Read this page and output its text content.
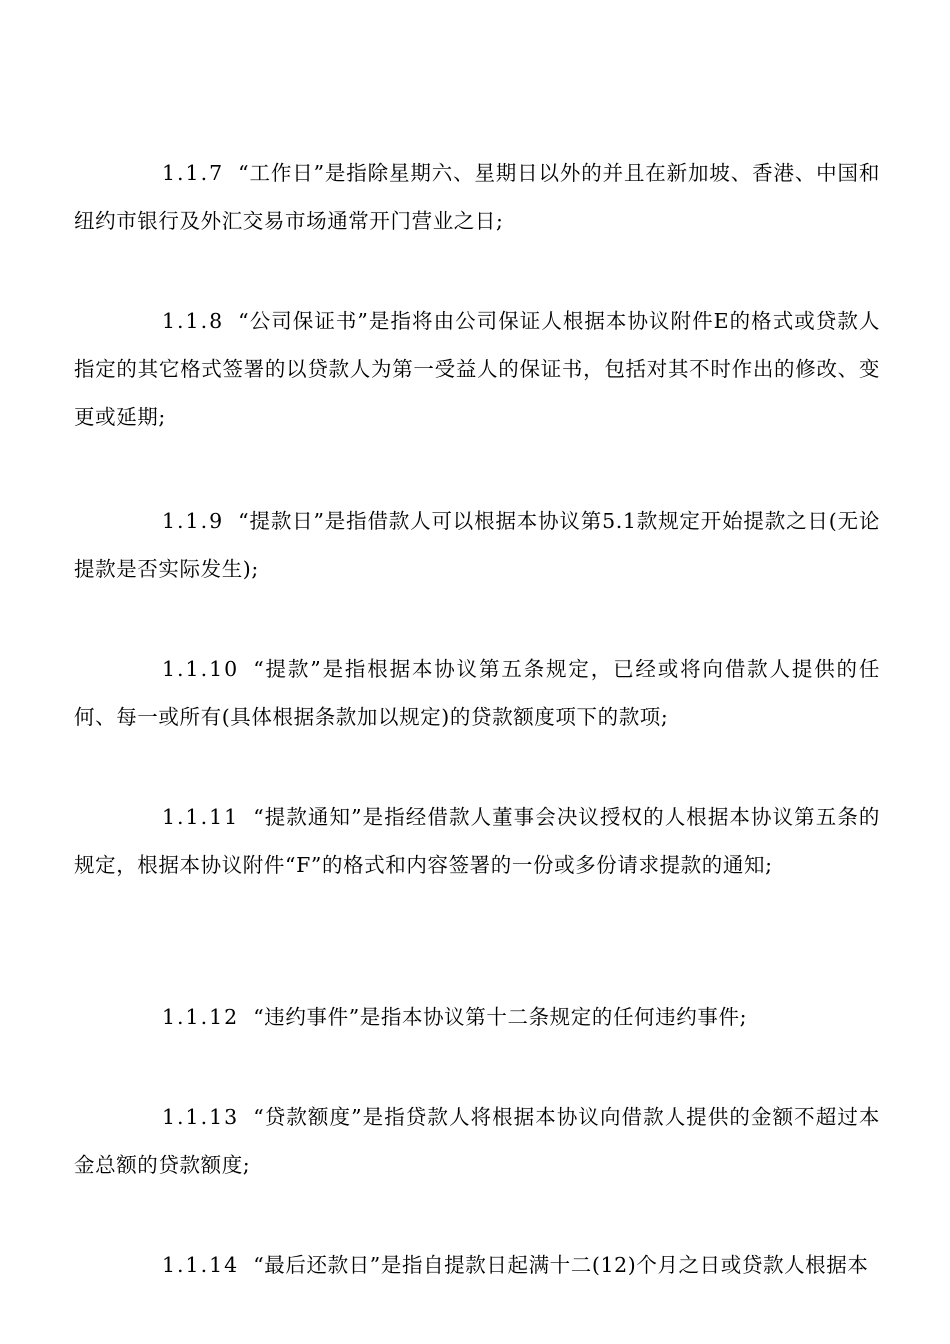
1.1.7 “工作日”是指除星期六、星期日以外的并且在新加坡、香港、中国和纽约市银行及外汇交易市场通常开门营业之日;

1.1.8 “公司保证书”是指将由公司保证人根据本协议附件E的格式或贷款人指定的其它格式签署的以贷款人为第一受益人的保证书，包括对其不时作出的修改、变更或延期;

1.1.9 “提款日”是指借款人可以根据本协议第5.1款规定开始提款之日(无论提款是否实际发生);

1.1.10 “提款”是指根据本协议第五条规定，已经或将向借款人提供的任何、每一或所有(具体根据条款加以规定)的贷款额度项下的款项;

1.1.11 “提款通知”是指经借款人董事会决议授权的人根据本协议第五条的规定，根据本协议附件“F”的格式和内容签署的一份或多份请求提款的通知;

1.1.12 “违约事件”是指本协议第十二条规定的任何违约事件;

1.1.13 “贷款额度”是指贷款人将根据本协议向借款人提供的金额不超过本金总额的贷款额度;

1.1.14 “最后还款日”是指自提款日起满十二(12)个月之日或贷款人根据本
